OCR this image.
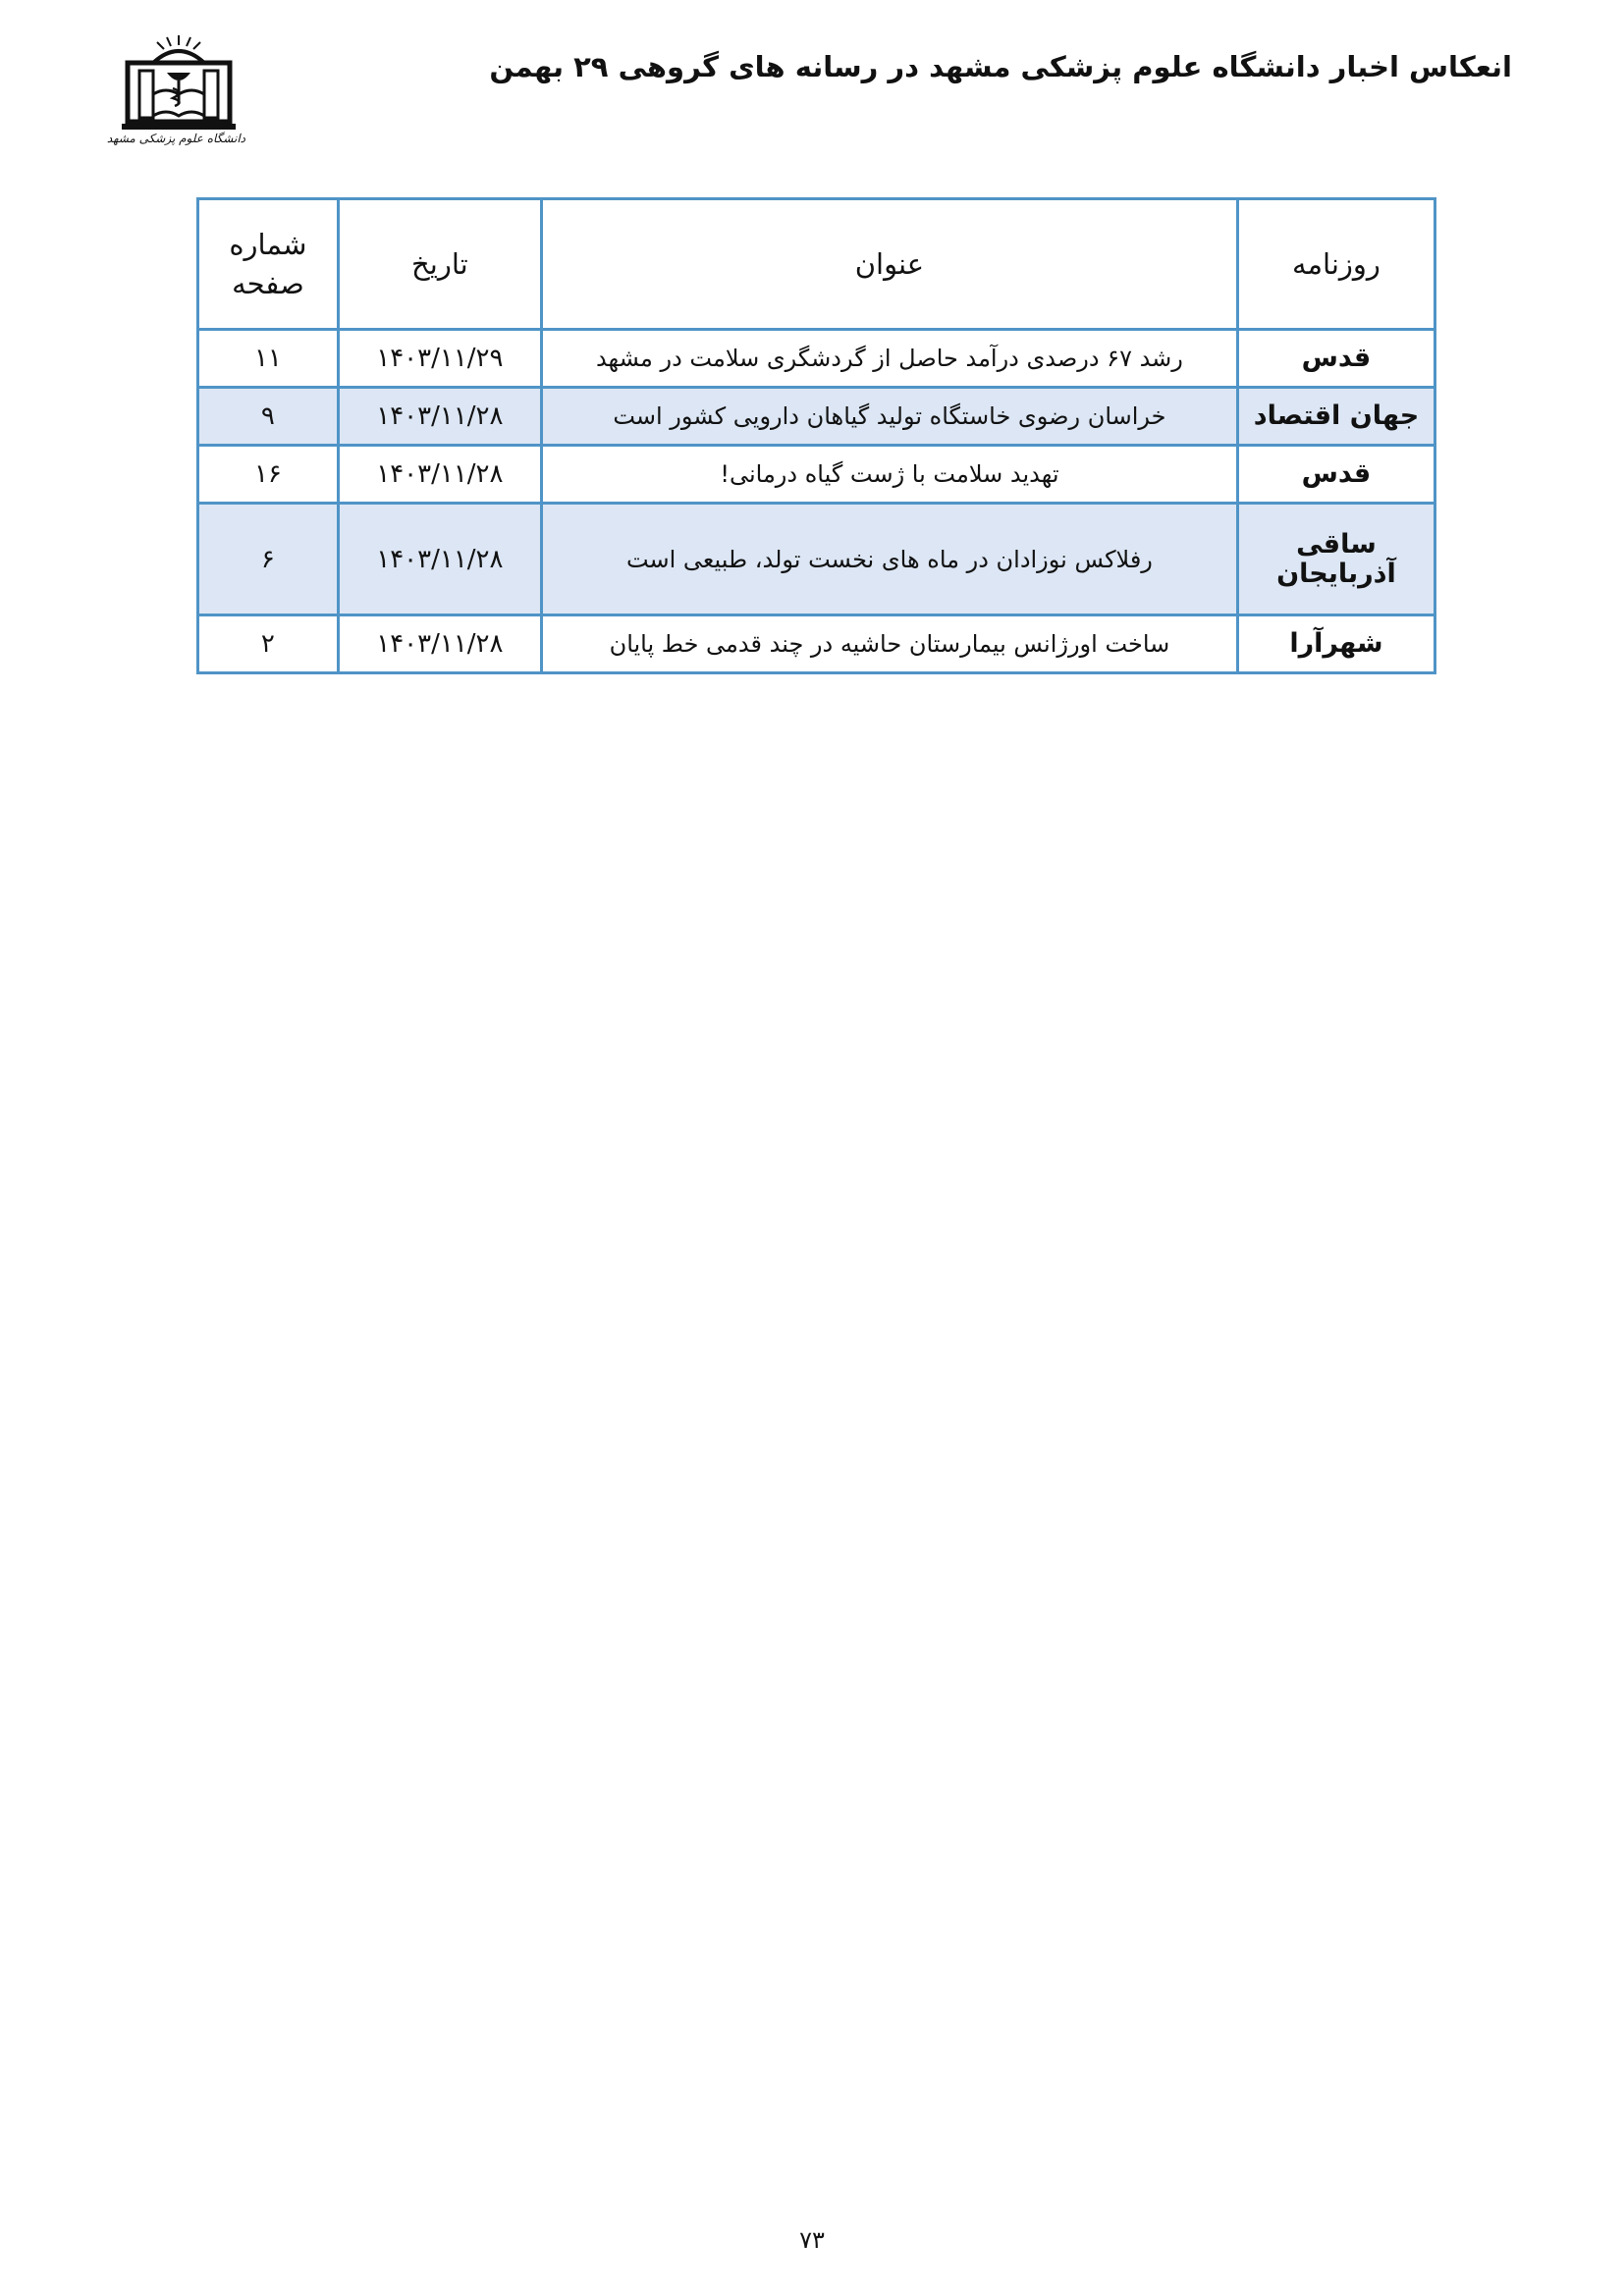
انعکاس اخبار دانشگاه علوم پزشکی مشهد در رسانه های گروهی ۲۹ بهمن
دانشگاه علوم پزشکی مشهد
روزنامه	عنوان	تاریخ	شماره
صفحه

قدس	رشد ۶۷ درصدی درآمد حاصل از گردشگری سلامت در مشهد	۱۴۰۳/۱۱/۲۹	۱۱
جهان اقتصاد	خراسان رضوی خاستگاه تولید گیاهان دارویی کشور است	۱۴۰۳/۱۱/۲۸	۹
قدس	تهدید سلامت با ژست گیاه درمانی!	۱۴۰۳/۱۱/۲۸	۱۶

ساقی
آذربایجان	رفلاکس نوزادان در ماه های نخست تولد، طبیعی است	۱۴۰۳/۱۱/۲۸	۶
شهرآرا	ساخت اورژانس بیمارستان حاشیه در چند قدمی خط پایان	۱۴۰۳/۱۱/۲۸	۲
۷۳
